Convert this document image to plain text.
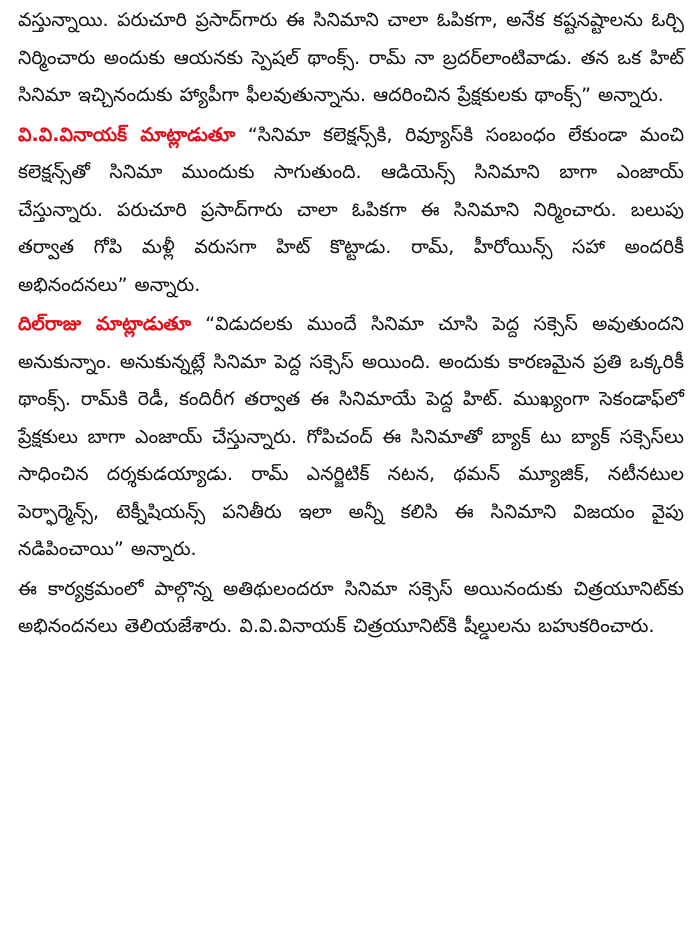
వస్తున్నాయి. పరుచూరి ప్రసాద్‌గారు ఈ సినిమాని చాలా ఓపికగా, అనేక కష్టనష్టాలను ఓర్చి నిర్మించారు అందుకు ఆయనకు స్పెషల్ థాంక్స్. రామ్ నా బ్రదర్‌లాంటివాడు. తన ఒక హిట్ సినిమా ఇచ్చినందుకు హ్యాపీగా ఫీలవుతున్నాను. ఆదరించిన ప్రేక్షకులకు థాంక్స్” అన్నారు.

వి.వి.వినాయక్ మాట్లాడుతూ “సినిమా కలెక్షన్స్‌కి, రివ్యూస్‌కి సంబంధం లేకుండా మంచి కలెక్షన్స్‌తో సినిమా ముందుకు సాగుతుంది. ఆడియెన్స్ సినిమాని బాగా ఎంజాయ్ చేస్తున్నారు. పరుచూరి ప్రసాద్‌గారు చాలా ఓపికగా ఈ సినిమాని నిర్మించారు. బలుపు తర్వాత గోపి మళ్లీ వరుసగా హిట్ కొట్టాడు. రామ్, హీరోయిన్స్ సహా అందరికీ అభినందనలు” అన్నారు.

దిల్‌రాజు మాట్లాడుతూ “విడుదలకు ముందే సినిమా చూసి పెద్ద సక్సెస్ అవుతుందని అనుకున్నాం. అనుకున్నట్లే సినిమా పెద్ద సక్సెస్ అయింది. అందుకు కారణమైన ప్రతి ఒక్కరికీ థాంక్స్. రామ్‌కి రెడీ, కందిరీగ తర్వాత ఈ సినిమాయే పెద్ద హిట్. ముఖ్యంగా సెకండాఫ్‌లో ప్రేక్షకులు బాగా ఎంజాయ్ చేస్తున్నారు. గోపిచంద్ ఈ సినిమాతో బ్యాక్ టు బ్యాక్ సక్సెస్‌లు సాధించిన దర్శకుడయ్యాడు. రామ్ ఎనర్జిటిక్ నటన, థమన్ మ్యూజిక్, నటీనటుల పెర్ఫార్మెన్స్, టెక్నీషియన్స్ పనితీరు ఇలా అన్నీ కలిసి ఈ సినిమాని విజయం వైపు నడిపించాయి” అన్నారు.

ఈ కార్యక్రమంలో పాల్గొన్న అతిథులందరూ సినిమా సక్సెస్ అయినందుకు చిత్రయూనిట్‌కు అభినందనలు తెలియజేశారు. వి.వి.వినాయక్ చిత్రయూనిట్‌కి షీల్డులను బహుకరించారు.
